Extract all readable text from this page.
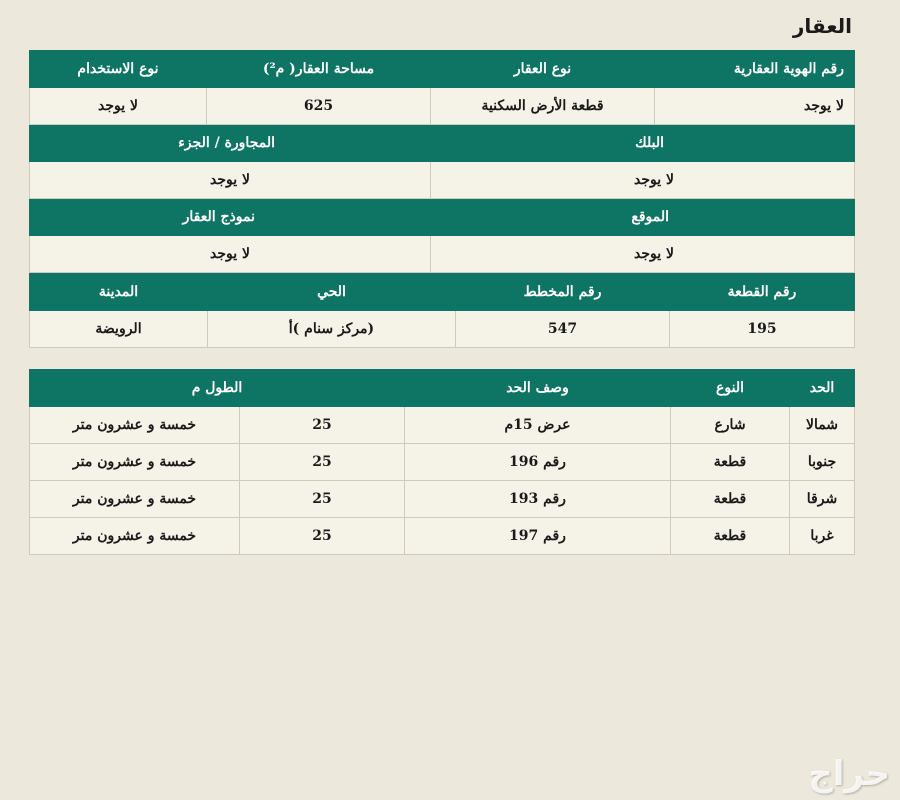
العقار
رقم الهوية العقارية	نوع العقار	مساحة العقار( م²)	نوع الاستخدام
لا يوجد	قطعة الأرض السكنية	625	لا يوجد
البلك		المجاورة / الجزء	
لا يوجد		لا يوجد	
الموقع		نموذج العقار	
لا يوجد		لا يوجد	
رقم القطعة	رقم المخطط	الحي	المدينة
195	547	(مركز سنام )أ	الرويضة
الحد	النوع	وصف الحد	الطول م	
شمالا	شارع	عرض 15م	25	خمسة و عشرون متر
جنوبا	قطعة	رقم 196	25	خمسة و عشرون متر
شرقا	قطعة	رقم 193	25	خمسة و عشرون متر
غربا	قطعة	رقم 197	25	خمسة و عشرون متر
حراج
